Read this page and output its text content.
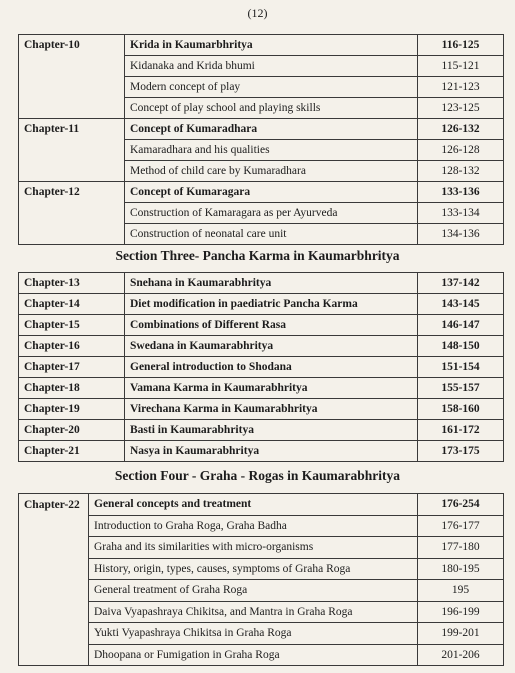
(12)
Chapter-10	Krida in Kaumarbhritya	116-125
	Kidanaka and Krida bhumi	115-121
	Modern concept of play	121-123
	Concept of play school and playing skills	123-125
Chapter-11	Concept of Kumaradhara	126-132
	Kamaradhara and his qualities	126-128
	Method of child care by Kumaradhara	128-132
Chapter-12	Concept of Kumaragara	133-136
	Construction of Kamaragara as per Ayurveda	133-134
	Construction of neonatal care unit	134-136
Section Three- Pancha Karma in Kaumarbhritya
Chapter-13	Snehana in Kaumarabhritya	137-142
Chapter-14	Diet modification in paediatric Pancha Karma	143-145
Chapter-15	Combinations of Different Rasa	146-147
Chapter-16	Swedana in Kaumarabhritya	148-150
Chapter-17	General introduction to Shodana	151-154
Chapter-18	Vamana Karma in Kaumarabhritya	155-157
Chapter-19	Virechana Karma in Kaumarabhritya	158-160
Chapter-20	Basti in Kaumarabhritya	161-172
Chapter-21	Nasya in Kaumarabhritya	173-175
Section Four - Graha - Rogas in Kaumarabhritya
Chapter-22	General concepts and treatment	176-254
	Introduction to Graha Roga, Graha Badha	176-177
	Graha and its similarities with micro-organisms	177-180
	History, origin, types, causes, symptoms of Graha Roga	180-195
	General treatment of Graha Roga	195
	Daiva Vyapashraya Chikitsa, and Mantra in Graha Roga	196-199
	Yukti Vyapashraya Chikitsa in Graha Roga	199-201
	Dhoopana or Fumigation in Graha Roga	201-206
